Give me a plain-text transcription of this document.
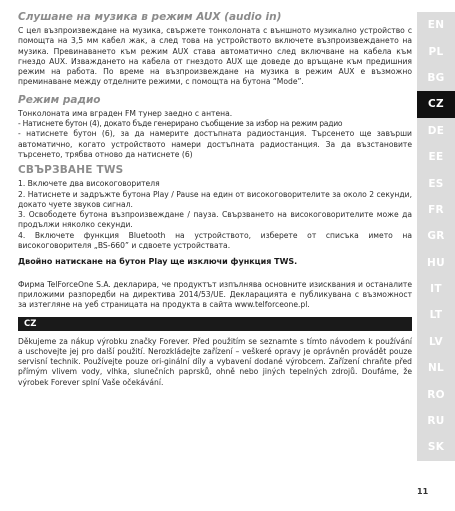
Слушане на музика в режим AUX (audio in)

С цел възпроизвеждане на музика, свържете тонколоната с външното музикално устройство с помощта на 3,5 мм кабел жак, а след това на устройството включете възпроизвеждането на музика. Превинаването към режим AUX става автоматично след включване на кабела към гнездо AUX. Изваждането на кабела от гнездото AUX ще доведе до връщане към предишния режим на работа. По време на възпроизвеждане на музика в режим AUX е възможно преминаване между отделните режими, с помощта на бутона “Mode”.

Режим радио

Тонколоната има вграден FM тунер заедно с антена.

- Натиснете бутон (4), докато бъде генерирано съобщение за избор на режим радио

- натиснете бутон (6), за да намерите достъпната радиостанция. Търсенето ще завърши автоматично, когато устройството намери достъпната радиостанция. За да възстановите търсенето, трябва отново да натиснете (6)

СВЪРЗВАНЕ TWS

1. Включете два високоговорителя

2. Натиснете и задръжте бутона Play / Pause на един от високоговорителите за около 2 секунди, докато чуете звуков сигнал.

3. Освободете бутона възпроизвеждане / пауза. Свързването на високоговорителите може да продължи няколко секунди.

4. Включете функция Bluetooth на устройството, изберете от списъка името на високоговорителя „BS-660” и сдвоете устройствата.

Двойно натискане на бутон Play ще изключи функция TWS.

Фирма TelForceOne S.A. декларира, че продуктът изпълнява основните изисквания и останалите приложими разпоредби на директива 2014/53/UE. Декларацията е публикувана с възможност за изтегляне на уеб страницата на продукта в сайта www.telforceone.pl.

CZ

Děkujeme za nákup výrobku značky Forever. Před použitím se seznamte s tímto návodem k používání a uschovejte jej pro další použití. Nerozkládejte zařízení – veškeré opravy je oprávněn provádět pouze servisní technik. Používejte pouze ori-ginální díly a vybavení dodané výrobcem. Zařízení chraňte před přímým vlivem vody, vlhka, slunečních paprsků, ohně nebo jiných tepelných zdrojů. Doufáme, že výrobek Forever splní Vaše očekávání.

EN
PL
BG
CZ
DE
EE
ES
FR
GR
HU
IT
LT
LV
NL
RO
RU
SK
11
